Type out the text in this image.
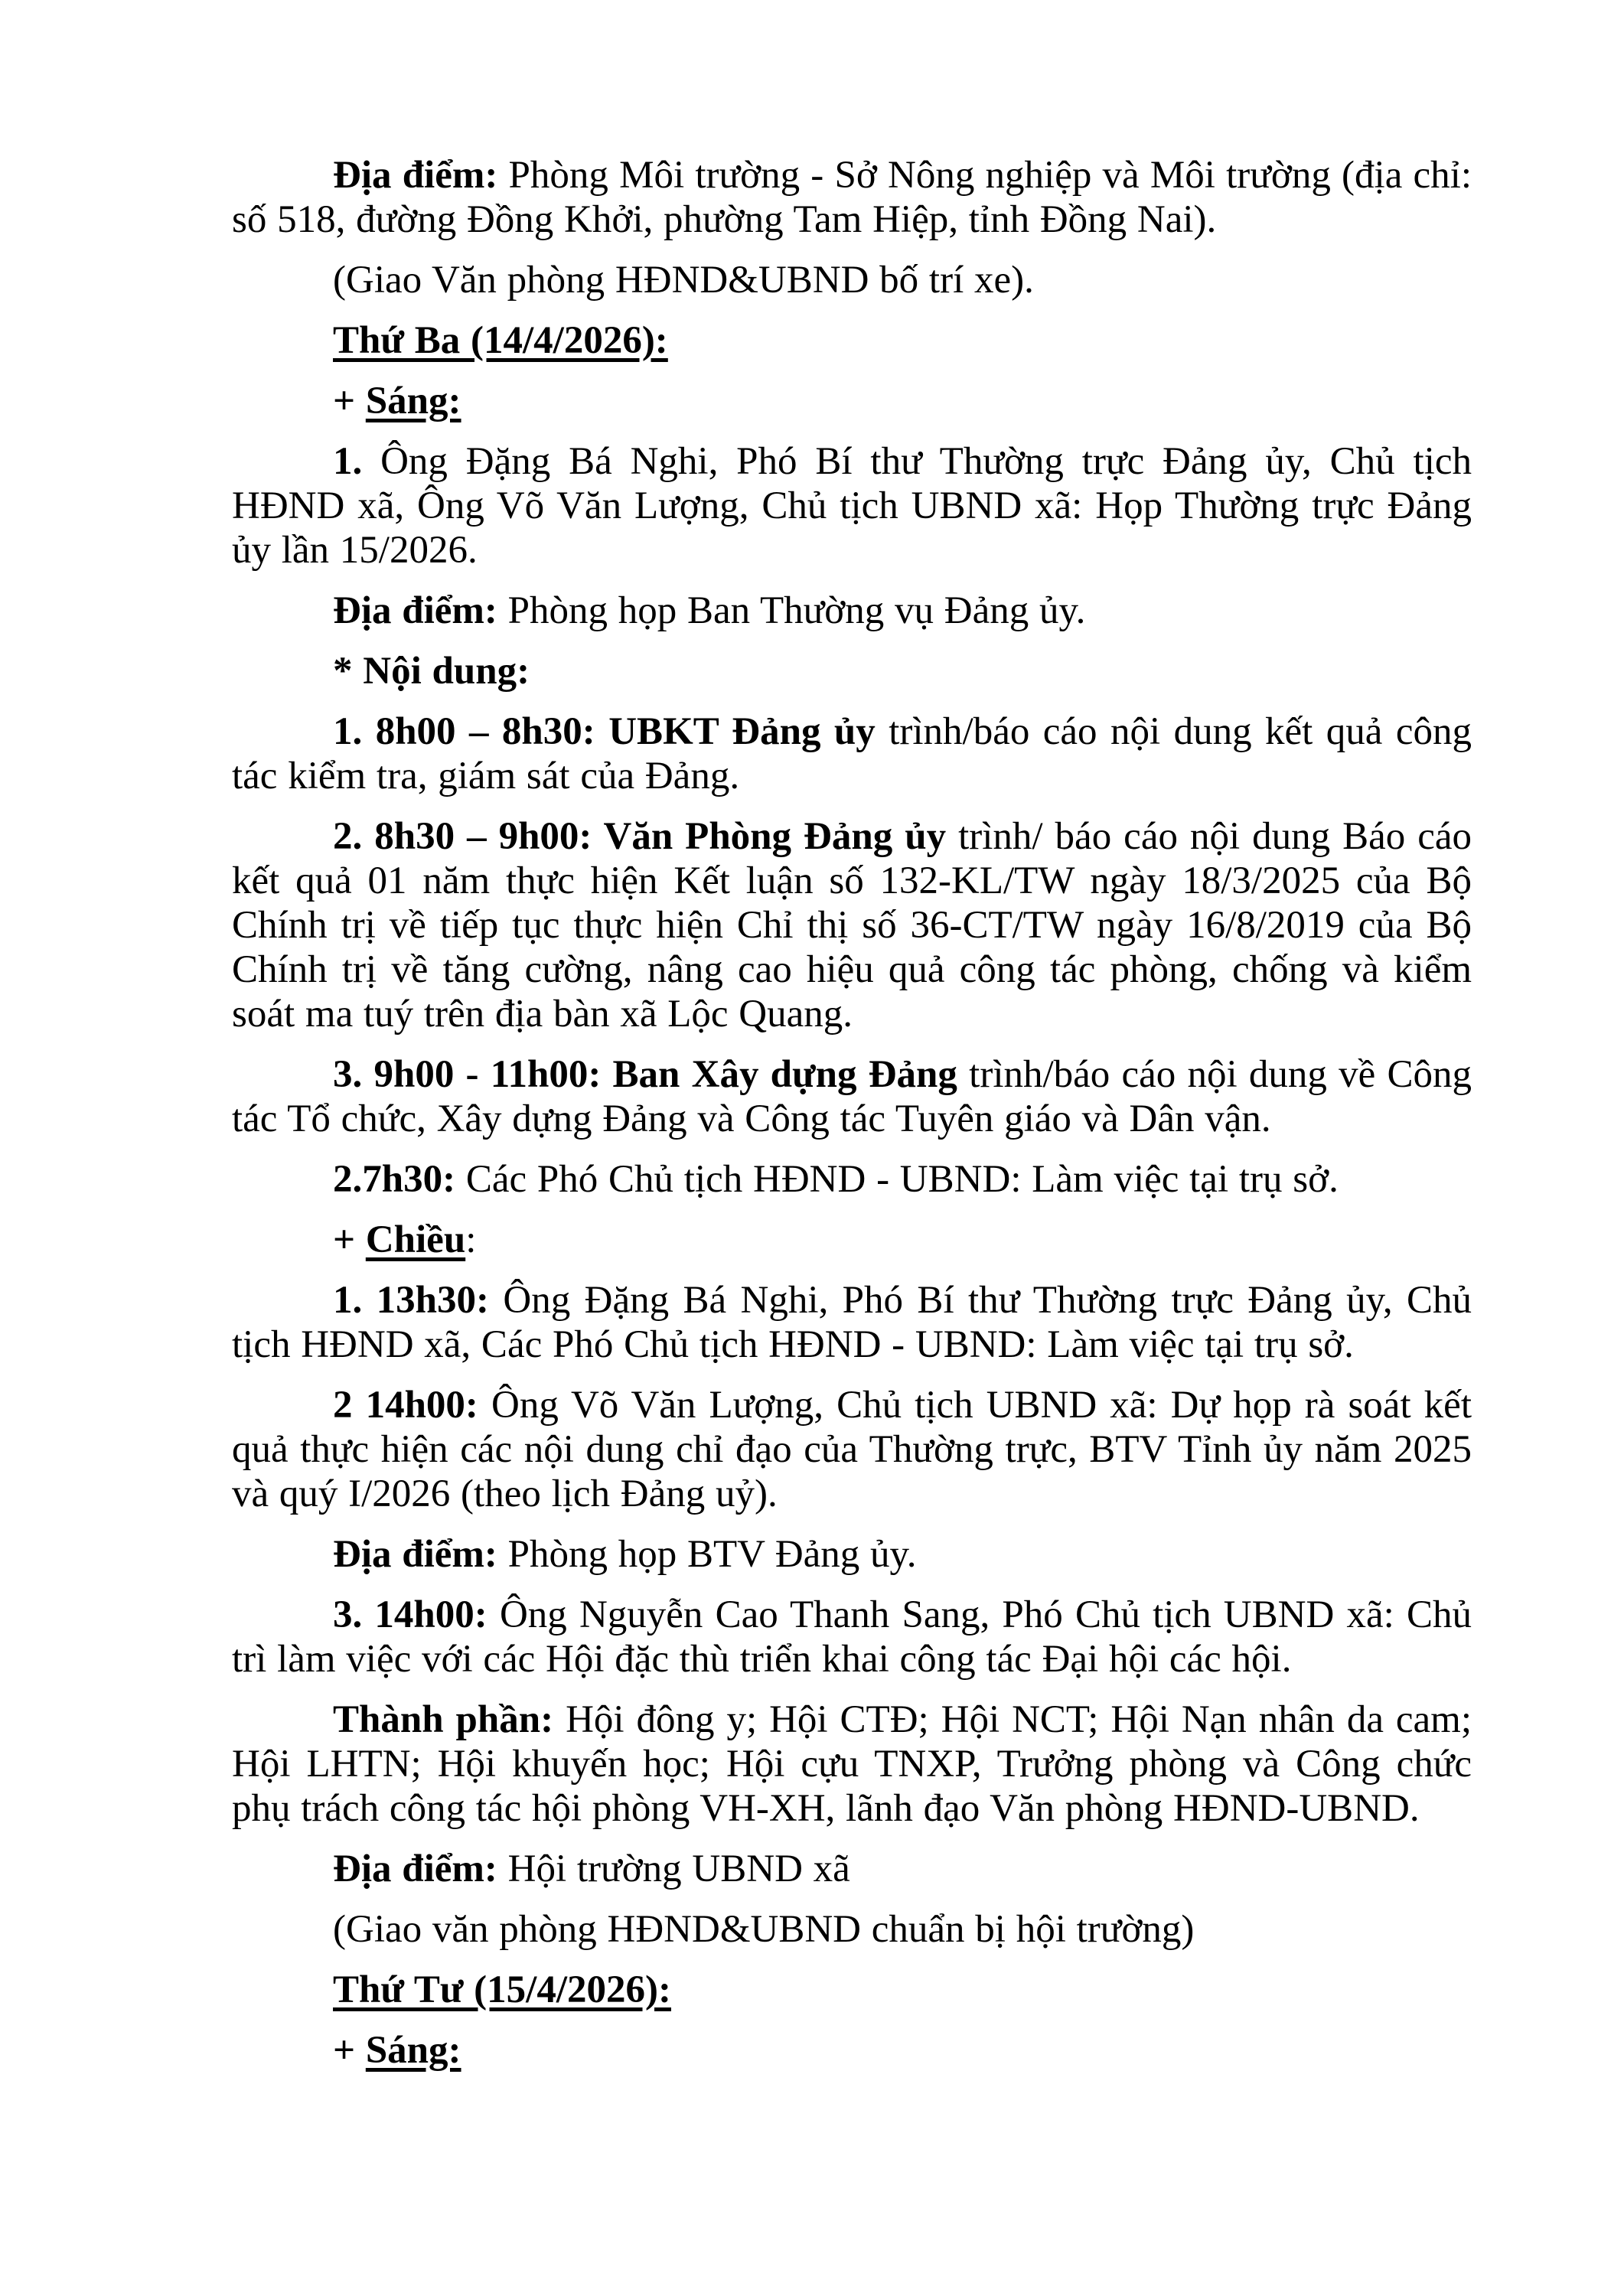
Địa điểm: Phòng Môi trường - Sở Nông nghiệp và Môi trường (địa chỉ: số 518, đường Đồng Khởi, phường Tam Hiệp, tỉnh Đồng Nai).

(Giao Văn phòng HĐND&UBND bố trí xe).

Thứ Ba (14/4/2026):

+ Sáng:

1. Ông Đặng Bá Nghi, Phó Bí thư Thường trực Đảng ủy, Chủ tịch HĐND xã, Ông Võ Văn Lượng, Chủ tịch UBND xã: Họp Thường trực Đảng ủy lần 15/2026.

Địa điểm: Phòng họp Ban Thường vụ Đảng ủy.

* Nội dung:

1. 8h00 – 8h30: UBKT Đảng ủy trình/báo cáo nội dung kết quả công tác kiểm tra, giám sát của Đảng.

2. 8h30 – 9h00: Văn Phòng Đảng ủy trình/ báo cáo nội dung Báo cáo kết quả 01 năm thực hiện Kết luận số 132-KL/TW ngày 18/3/2025 của Bộ Chính trị về tiếp tục thực hiện Chỉ thị số 36-CT/TW ngày 16/8/2019 của Bộ Chính trị về tăng cường, nâng cao hiệu quả công tác phòng, chống và kiểm soát ma tuý trên địa bàn xã Lộc Quang.

3. 9h00 - 11h00: Ban Xây dựng Đảng trình/báo cáo nội dung về Công tác Tổ chức, Xây dựng Đảng và Công tác Tuyên giáo và Dân vận.

2.7h30: Các Phó Chủ tịch HĐND - UBND: Làm việc tại trụ sở.

+ Chiều:

1. 13h30: Ông Đặng Bá Nghi, Phó Bí thư Thường trực Đảng ủy, Chủ tịch HĐND xã, Các Phó Chủ tịch HĐND - UBND: Làm việc tại trụ sở.

2 14h00: Ông Võ Văn Lượng, Chủ tịch UBND xã: Dự họp rà soát kết quả thực hiện các nội dung chỉ đạo của Thường trực, BTV Tỉnh ủy năm 2025 và quý I/2026 (theo lịch Đảng uỷ).

Địa điểm: Phòng họp BTV Đảng ủy.

3. 14h00: Ông Nguyễn Cao Thanh Sang, Phó Chủ tịch UBND xã: Chủ trì làm việc với các Hội đặc thù triển khai công tác Đại hội các hội.

Thành phần: Hội đông y; Hội CTĐ; Hội NCT; Hội Nạn nhân da cam; Hội LHTN; Hội khuyến học; Hội cựu TNXP, Trưởng phòng và Công chức phụ trách công tác hội phòng VH-XH, lãnh đạo Văn phòng HĐND-UBND.

Địa điểm: Hội trường UBND xã

(Giao văn phòng HĐND&UBND chuẩn bị hội trường)

Thứ Tư (15/4/2026):

+ Sáng:
